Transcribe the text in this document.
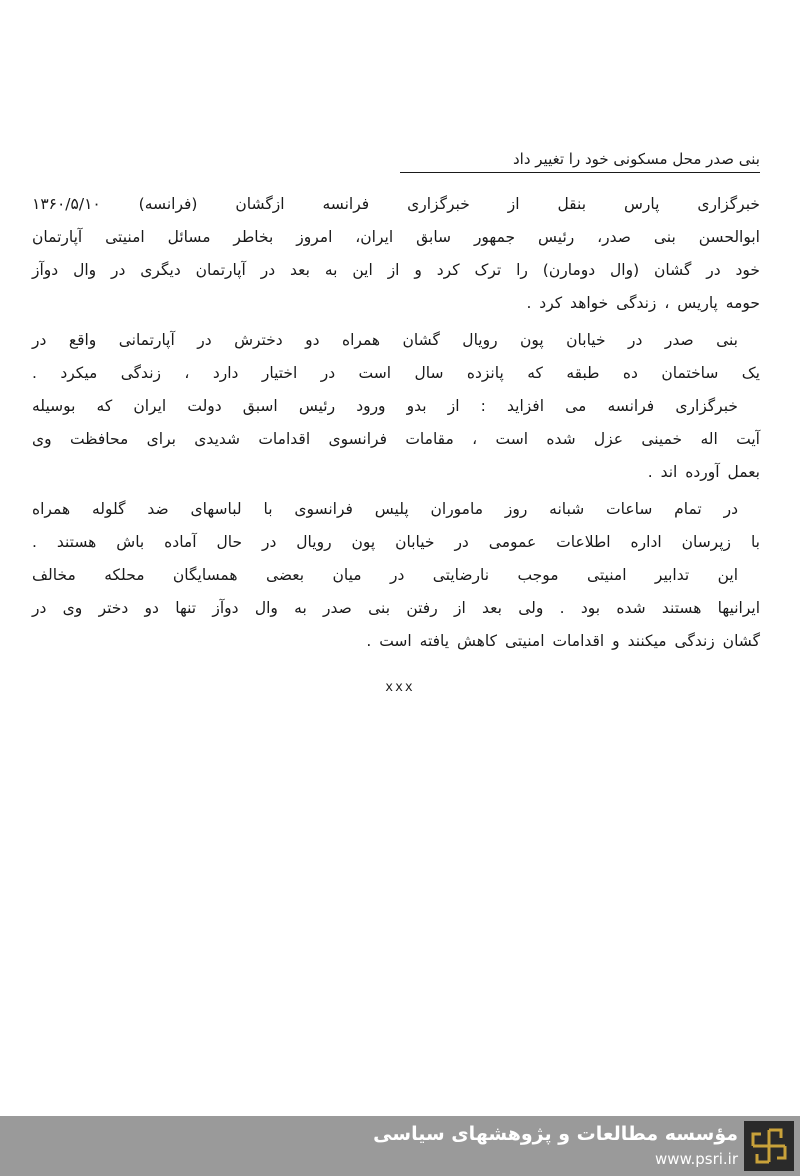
بنی صدر محل مسکونی خود را تغییر داد
خبرگزاری پارس بنقل از خبرگزاری فرانسه ازگشان (فرانسه) ۱۳۶۰/۵/۱۰
ابوالحسن بنی صدر، رئیس جمهور سابق ایران، امروز بخاطر مسائل امنیتی آپارتمان
خود در گشان (وال دومارن) را ترک کرد و از این به بعد در آپارتمان دیگری در وال دوآز
حومه پاریس ، زندگی خواهد کرد .
بنی صدر در خیابان پون رویال گشان همراه دو دخترش در آپارتمانی واقع در
یک ساختمان ده طبقه که پانزده سال است در اختیار دارد ، زندگی میکرد .
خبرگزاری فرانسه می افزاید : از بدو ورود رئیس اسبق دولت ایران که بوسیله
آیت اله خمینی عزل شده است ، مقامات فرانسوی اقدامات شدیدی برای محافظت وی
بعمل آورده اند .
در تمام ساعات شبانه روز ماموران پلیس فرانسوی با لباسهای ضد گلوله همراه
با زپرسان اداره اطلاعات عمومی در خیابان پون رویال در حال آماده باش هستند .
این تدابیر امنیتی موجب نارضایتی در میان بعضی همسایگان محلکه مخالف
ایرانیها هستند شده بود . ولی بعد از رفتن بنی صدر به وال دوآز تنها دو دختر وی در
گشان زندگی میکنند و اقدامات امنیتی کاهش یافته است .
xxx
مؤسسه مطالعات و پژوهشهای سیاسی
www.psri.ir
